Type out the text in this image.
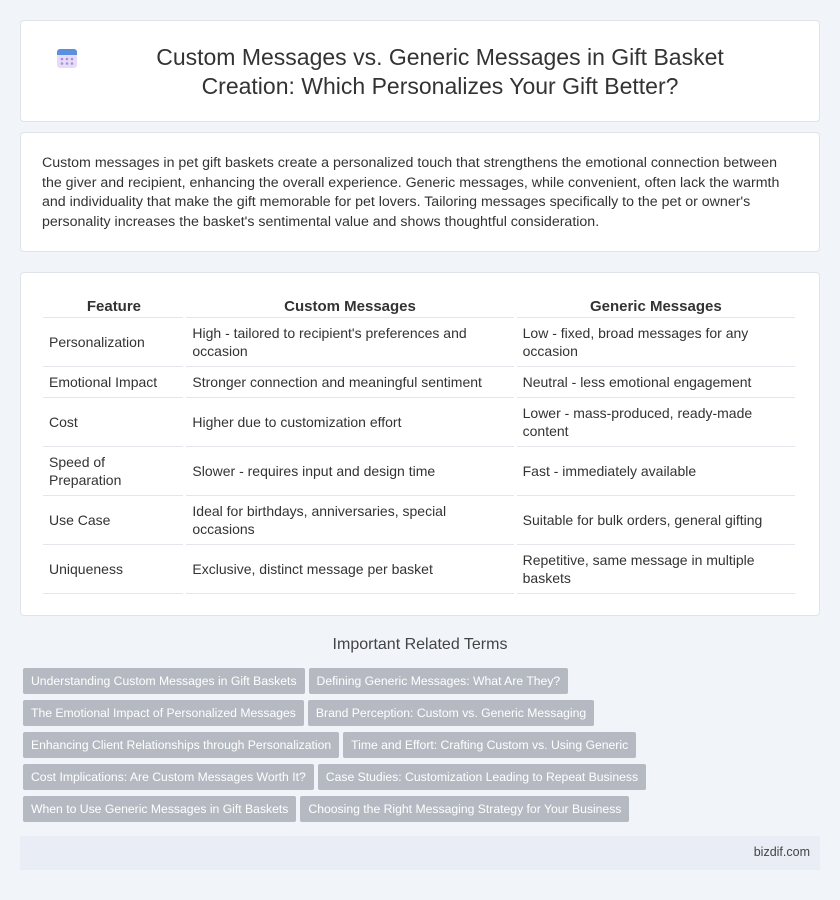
Custom Messages vs. Generic Messages in Gift Basket Creation: Which Personalizes Your Gift Better?

Custom messages in pet gift baskets create a personalized touch that strengthens the emotional connection between the giver and recipient, enhancing the overall experience. Generic messages, while convenient, often lack the warmth and individuality that make the gift memorable for pet lovers. Tailoring messages specifically to the pet or owner's personality increases the basket's sentimental value and shows thoughtful consideration.

Feature	Custom Messages	Generic Messages
Personalization	High - tailored to recipient's preferences and occasion	Low - fixed, broad messages for any occasion
Emotional Impact	Stronger connection and meaningful sentiment	Neutral - less emotional engagement
Cost	Higher due to customization effort	Lower - mass-produced, ready-made content
Speed of Preparation	Slower - requires input and design time	Fast - immediately available
Use Case	Ideal for birthdays, anniversaries, special occasions	Suitable for bulk orders, general gifting
Uniqueness	Exclusive, distinct message per basket	Repetitive, same message in multiple baskets
Important Related Terms
Understanding Custom Messages in Gift Baskets Defining Generic Messages: What Are They?
The Emotional Impact of Personalized Messages Brand Perception: Custom vs. Generic Messaging
Enhancing Client Relationships through Personalization Time and Effort: Crafting Custom vs. Using Generic
Cost Implications: Are Custom Messages Worth It? Case Studies: Customization Leading to Repeat Business
When to Use Generic Messages in Gift Baskets Choosing the Right Messaging Strategy for Your Business
bizdif.com
